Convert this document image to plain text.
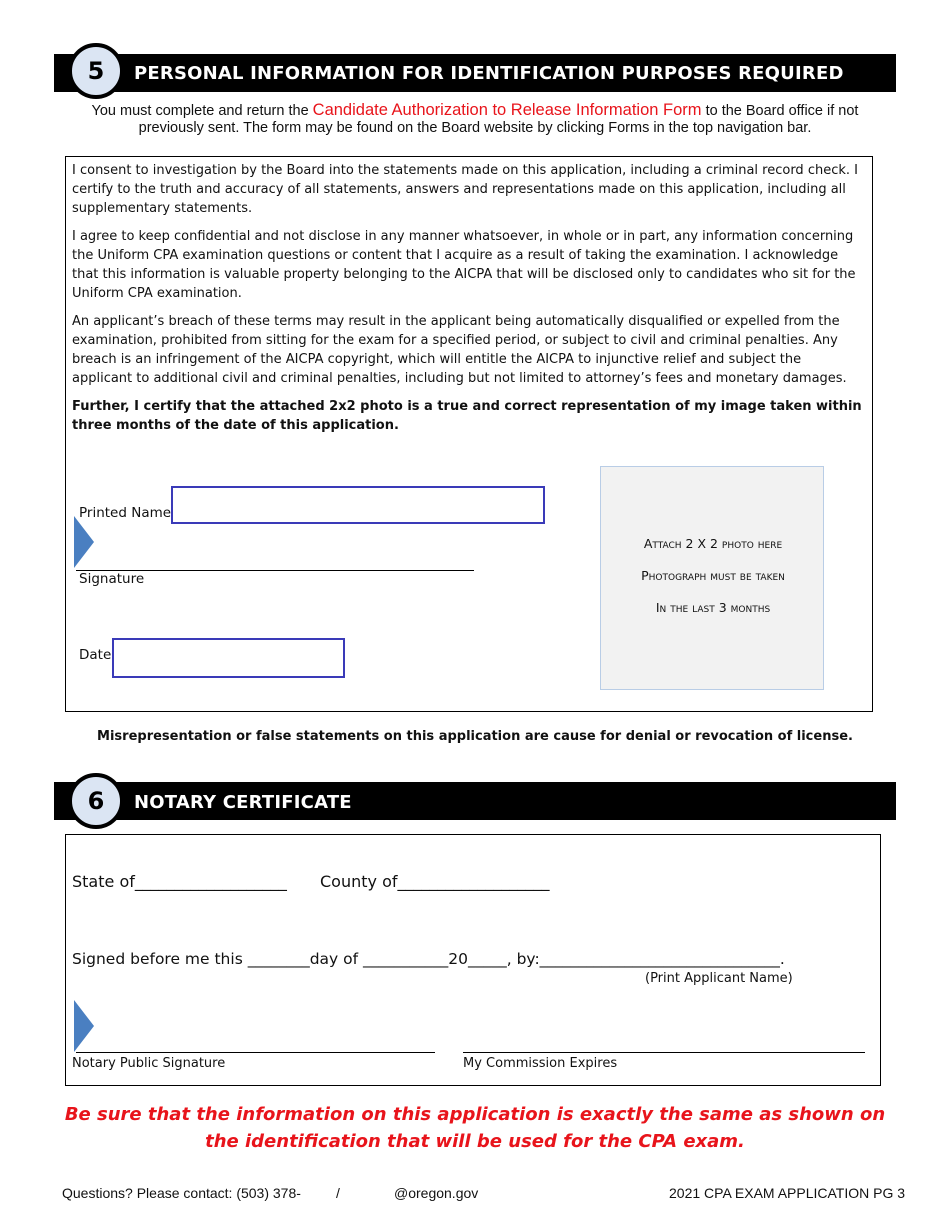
5	PERSONAL INFORMATION FOR IDENTIFICATION PURPOSES REQUIRED
You must complete and return the Candidate Authorization to Release Information Form to the Board office if not previously sent. The form may be found on the Board website by clicking Forms in the top navigation bar.
I consent to investigation by the Board into the statements made on this application, including a criminal record check. I certify to the truth and accuracy of all statements, answers and representations made on this application, including all supplementary statements.
I agree to keep confidential and not disclose in any manner whatsoever, in whole or in part, any information concerning the Uniform CPA examination questions or content that I acquire as a result of taking the examination. I acknowledge that this information is valuable property belonging to the AICPA that will be disclosed only to candidates who sit for the Uniform CPA examination.
An applicant’s breach of these terms may result in the applicant being automatically disqualified or expelled from the examination, prohibited from sitting for the exam for a specified period, or subject to civil and criminal penalties. Any breach is an infringement of the AICPA copyright, which will entitle the AICPA to injunctive relief and subject the applicant to additional civil and criminal penalties, including but not limited to attorney’s fees and monetary damages.
Further, I certify that the attached 2x2 photo is a true and correct representation of my image taken within three months of the date of this application.
Printed Name
Signature
Date
Attach 2 X 2 photo here
Photograph must be taken
In the last 3 months
Misrepresentation or false statements on this application are cause for denial or revocation of license.
6	NOTARY CERTIFICATE
State of___________________ County of___________________
Signed before me this ________day of ___________20_____, by:_______________________________.
(Print Applicant Name)
Notary Public Signature	My Commission Expires
Be sure that the information on this application is exactly the same as shown on the identification that will be used for the CPA exam.
Questions? Please contact: (503) 378-	/	@oregon.gov	2021 CPA EXAM APPLICATION PG 3
